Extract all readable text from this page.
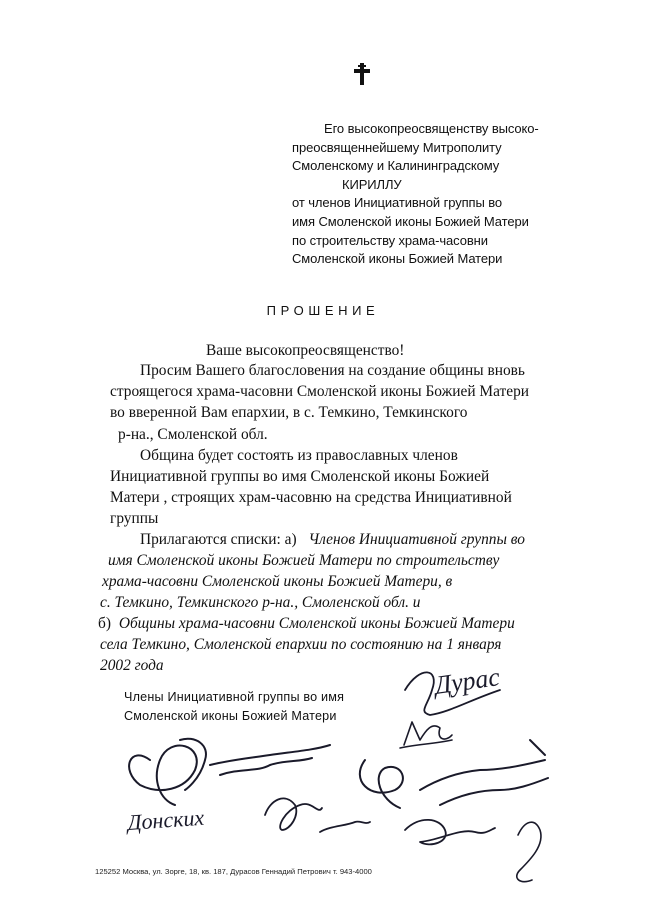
Его высокопреосвященству высоко-
преосвященнейшему Митрополиту
Смоленскому и Калининградскому
КИРИЛЛУ
от членов Инициативной группы во
имя Смоленской иконы Божией Матери
по строительству храма-часовни
Смоленской иконы Божией Матери
ПРОШЕНИЕ
Ваше высокопреосвященство!
Просим Вашего благословения на создание общины вновь
строящегося храма-часовни Смоленской иконы Божией Матери
во вверенной Вам епархии, в с. Темкино, Темкинского
р-на., Смоленской обл.
Община будет состоять из православных членов
Инициативной группы во имя Смоленской иконы Божией
Матери , строящих храм-часовню на средства Инициативной
группы
Прилагаются списки: а) Членов Инициативной группы во
имя Смоленской иконы Божией Матери по строительству
храма-часовни Смоленской иконы Божией Матери, в
с. Темкино, Темкинского р-на., Смоленской обл. и
б) Общины храма-часовни Смоленской иконы Божией Матери
села Темкино, Смоленской епархии по состоянию на 1 января
2002 года
Члены Инициативной группы во имя
Смоленской иконы Божией Матери
Дурас
Донских
125252 Москва, ул. Зорге, 18, кв. 187, Дурасов Геннадий Петрович т. 943-4000
